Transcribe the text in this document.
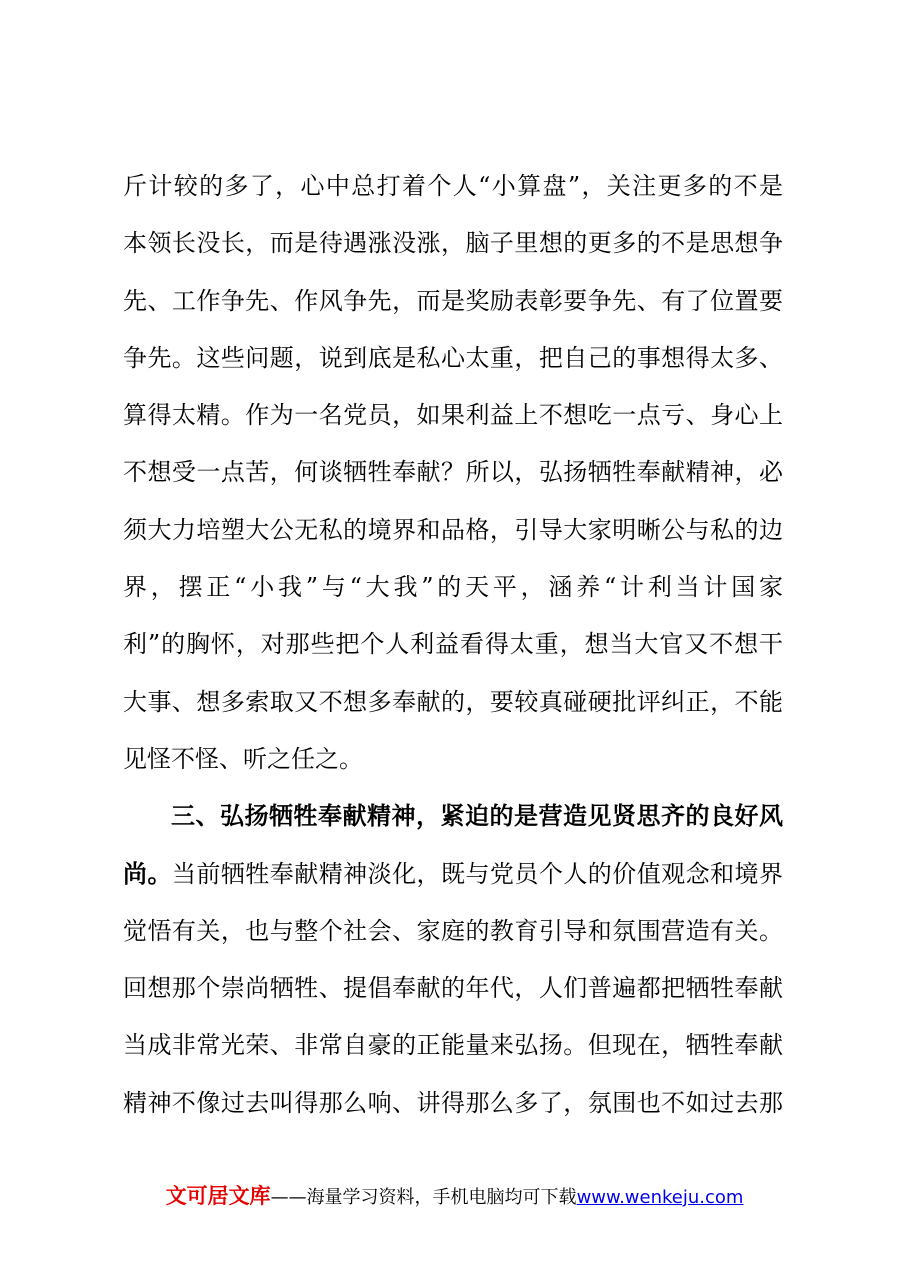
斤计较的多了，心中总打着个人“小算盘”，关注更多的不是
本领长没长，而是待遇涨没涨，脑子里想的更多的不是思想争
先、工作争先、作风争先，而是奖励表彰要争先、有了位置要
争先。这些问题，说到底是私心太重，把自己的事想得太多、
算得太精。作为一名党员，如果利益上不想吃一点亏、身心上
不想受一点苦，何谈牺牲奉献？所以，弘扬牺牲奉献精神，必
须大力培塑大公无私的境界和品格，引导大家明晰公与私的边
界，摆正“小我”与“大我”的天平，涵养“计利当计国家
利”的胸怀，对那些把个人利益看得太重，想当大官又不想干
大事、想多索取又不想多奉献的，要较真碰硬批评纠正，不能
见怪不怪、听之任之。
三、弘扬牺牲奉献精神，紧迫的是营造见贤思齐的良好风
尚。当前牺牲奉献精神淡化，既与党员个人的价值观念和境界
觉悟有关，也与整个社会、家庭的教育引导和氛围营造有关。
回想那个崇尚牺牲、提倡奉献的年代，人们普遍都把牺牲奉献
当成非常光荣、非常自豪的正能量来弘扬。但现在，牺牲奉献
精神不像过去叫得那么响、讲得那么多了，氛围也不如过去那
文可居文库——海量学习资料，手机电脑均可下载www.wenkeju.com
